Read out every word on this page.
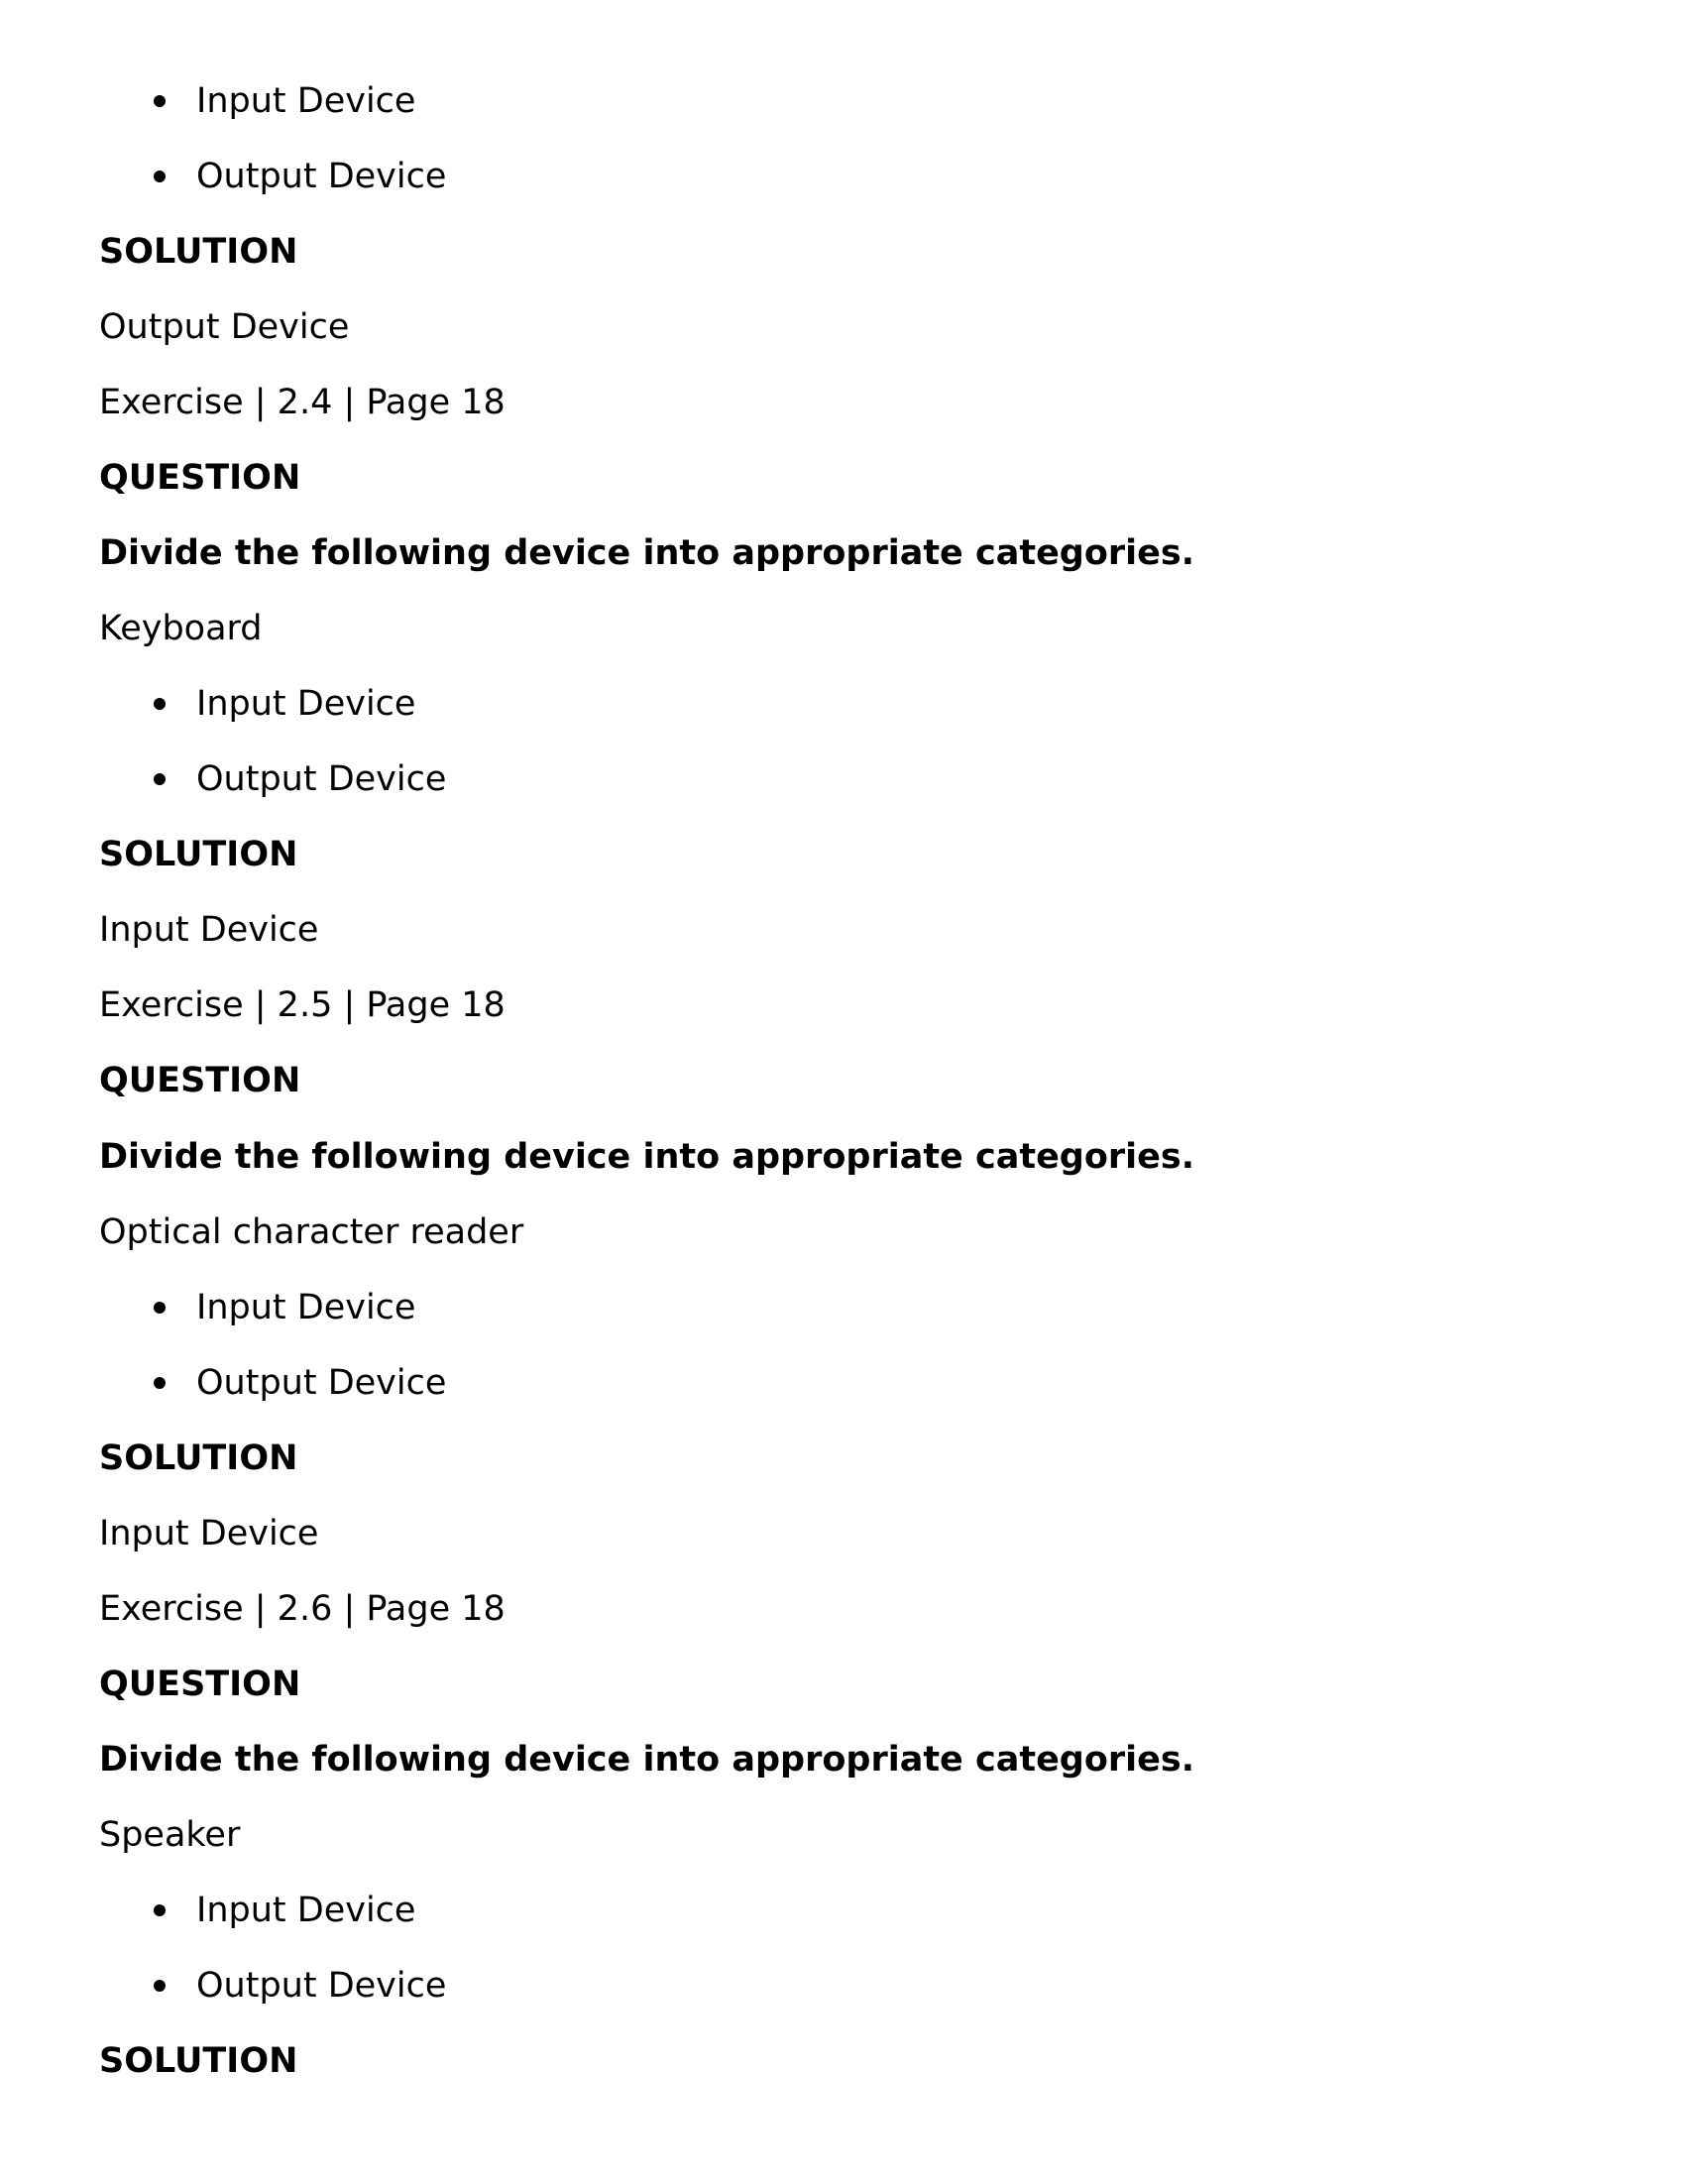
Input Device
Output Device

SOLUTION

Output Device

Exercise | 2.4 | Page 18

QUESTION

Divide the following device into appropriate categories.

Keyboard

Input Device
Output Device

SOLUTION

Input Device

Exercise | 2.5 | Page 18

QUESTION

Divide the following device into appropriate categories.

Optical character reader

Input Device
Output Device

SOLUTION

Input Device

Exercise | 2.6 | Page 18

QUESTION

Divide the following device into appropriate categories.

Speaker

Input Device
Output Device

SOLUTION
